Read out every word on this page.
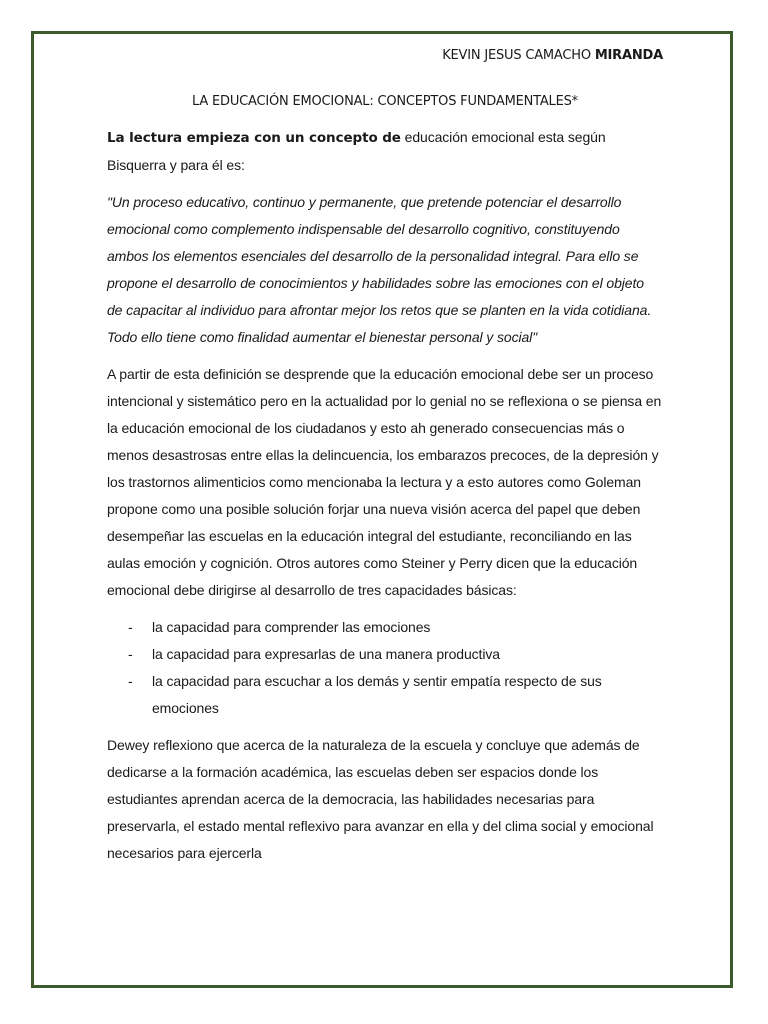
KEVIN JESUS CAMACHO MIRANDA
LA EDUCACIÓN EMOCIONAL: CONCEPTOS FUNDAMENTALES*

La lectura empieza con un concepto de educación emocional esta según Bisquerra y para él es:

"Un proceso educativo, continuo y permanente, que pretende potenciar el desarrollo emocional como complemento indispensable del desarrollo cognitivo, constituyendo ambos los elementos esenciales del desarrollo de la personalidad integral. Para ello se propone el desarrollo de conocimientos y habilidades sobre las emociones con el objeto de capacitar al individuo para afrontar mejor los retos que se planten en la vida cotidiana. Todo ello tiene como finalidad aumentar el bienestar personal y social"

A partir de esta definición se desprende que la educación emocional debe ser un proceso intencional y sistemático pero en la actualidad por lo genial no se reflexiona o se piensa en la educación emocional de los ciudadanos y esto ah generado consecuencias más o menos desastrosas entre ellas la delincuencia, los embarazos precoces, de la depresión y los trastornos alimenticios como mencionaba la lectura y a esto autores como Goleman propone como una posible solución forjar una nueva visión acerca del papel que deben desempeñar las escuelas en la educación integral del estudiante, reconciliando en las aulas emoción y cognición. Otros autores como Steiner y Perry dicen que la educación emocional debe dirigirse al desarrollo de tres capacidades básicas:

- la capacidad para comprender las emociones
- la capacidad para expresarlas de una manera productiva
- la capacidad para escuchar a los demás y sentir empatía respecto de sus emociones

Dewey reflexiono que acerca de la naturaleza de la escuela y concluye que además de dedicarse a la formación académica, las escuelas deben ser espacios donde los estudiantes aprendan acerca de la democracia, las habilidades necesarias para preservarla, el estado mental reflexivo para avanzar en ella y del clima social y emocional necesarios para ejercerla
